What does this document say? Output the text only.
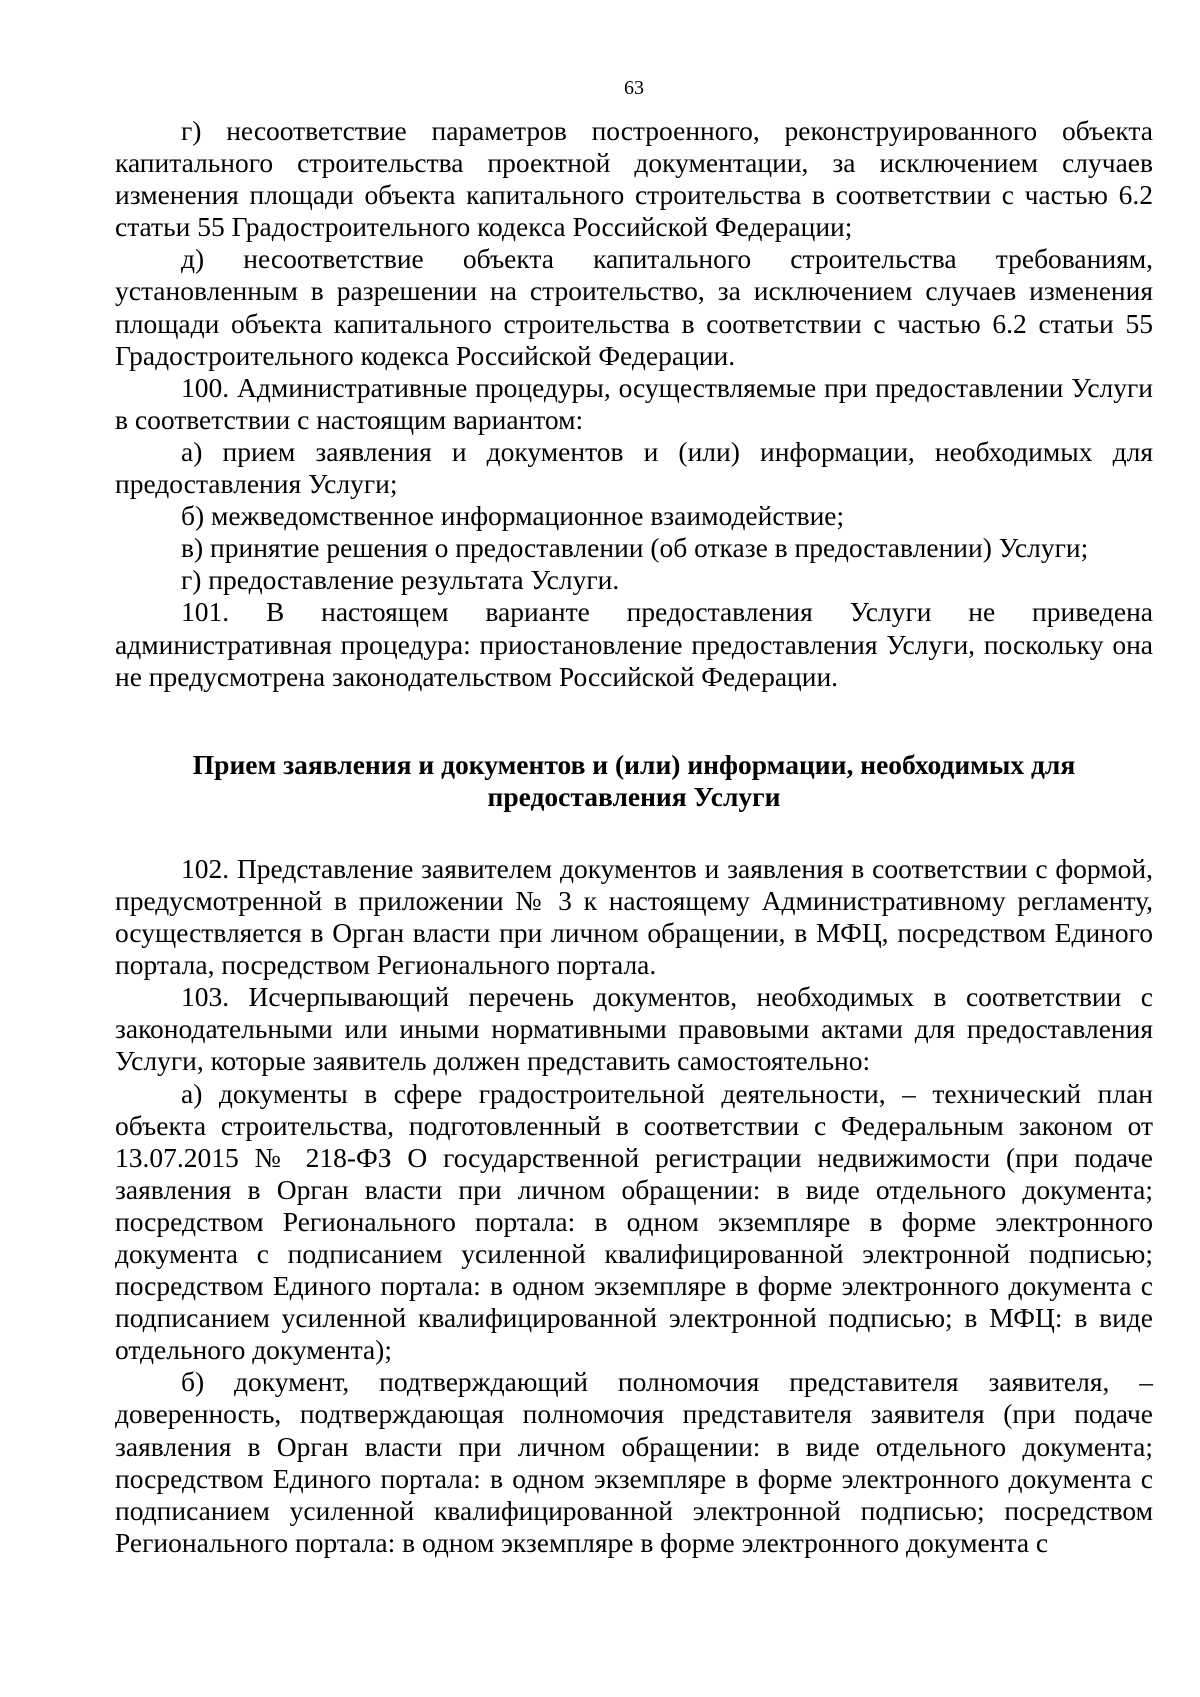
63

г) несоответствие параметров построенного, реконструированного объекта капитального строительства проектной документации, за исключением случаев изменения площади объекта капитального строительства в соответствии с частью 6.2 статьи 55 Градостроительного кодекса Российской Федерации;

д) несоответствие объекта капитального строительства требованиям, установленным в разрешении на строительство, за исключением случаев изменения площади объекта капитального строительства в соответствии с частью 6.2 статьи 55 Градостроительного кодекса Российской Федерации.

100. Административные процедуры, осуществляемые при предоставлении Услуги в соответствии с настоящим вариантом:

а) прием заявления и документов и (или) информации, необходимых для предоставления Услуги;

б) межведомственное информационное взаимодействие;

в) принятие решения о предоставлении (об отказе в предоставлении) Услуги;

г) предоставление результата Услуги.

101. В настоящем варианте предоставления Услуги не приведена административная процедура: приостановление предоставления Услуги, поскольку она не предусмотрена законодательством Российской Федерации.

Прием заявления и документов и (или) информации, необходимых для предоставления Услуги

102. Представление заявителем документов и заявления в соответствии с формой, предусмотренной в приложении № 3 к настоящему Административному регламенту, осуществляется в Орган власти при личном обращении, в МФЦ, посредством Единого портала, посредством Регионального портала.

103. Исчерпывающий перечень документов, необходимых в соответствии с законодательными или иными нормативными правовыми актами для предоставления Услуги, которые заявитель должен представить самостоятельно:

а) документы в сфере градостроительной деятельности, – технический план объекта строительства, подготовленный в соответствии с Федеральным законом от 13.07.2015 № 218-ФЗ О государственной регистрации недвижимости (при подаче заявления в Орган власти при личном обращении: в виде отдельного документа; посредством Регионального портала: в одном экземпляре в форме электронного документа с подписанием усиленной квалифицированной электронной подписью; посредством Единого портала: в одном экземпляре в форме электронного документа с подписанием усиленной квалифицированной электронной подписью; в МФЦ: в виде отдельного документа);

б) документ, подтверждающий полномочия представителя заявителя, – доверенность, подтверждающая полномочия представителя заявителя (при подаче заявления в Орган власти при личном обращении: в виде отдельного документа; посредством Единого портала: в одном экземпляре в форме электронного документа с подписанием усиленной квалифицированной электронной подписью; посредством Регионального портала: в одном экземпляре в форме электронного документа с
